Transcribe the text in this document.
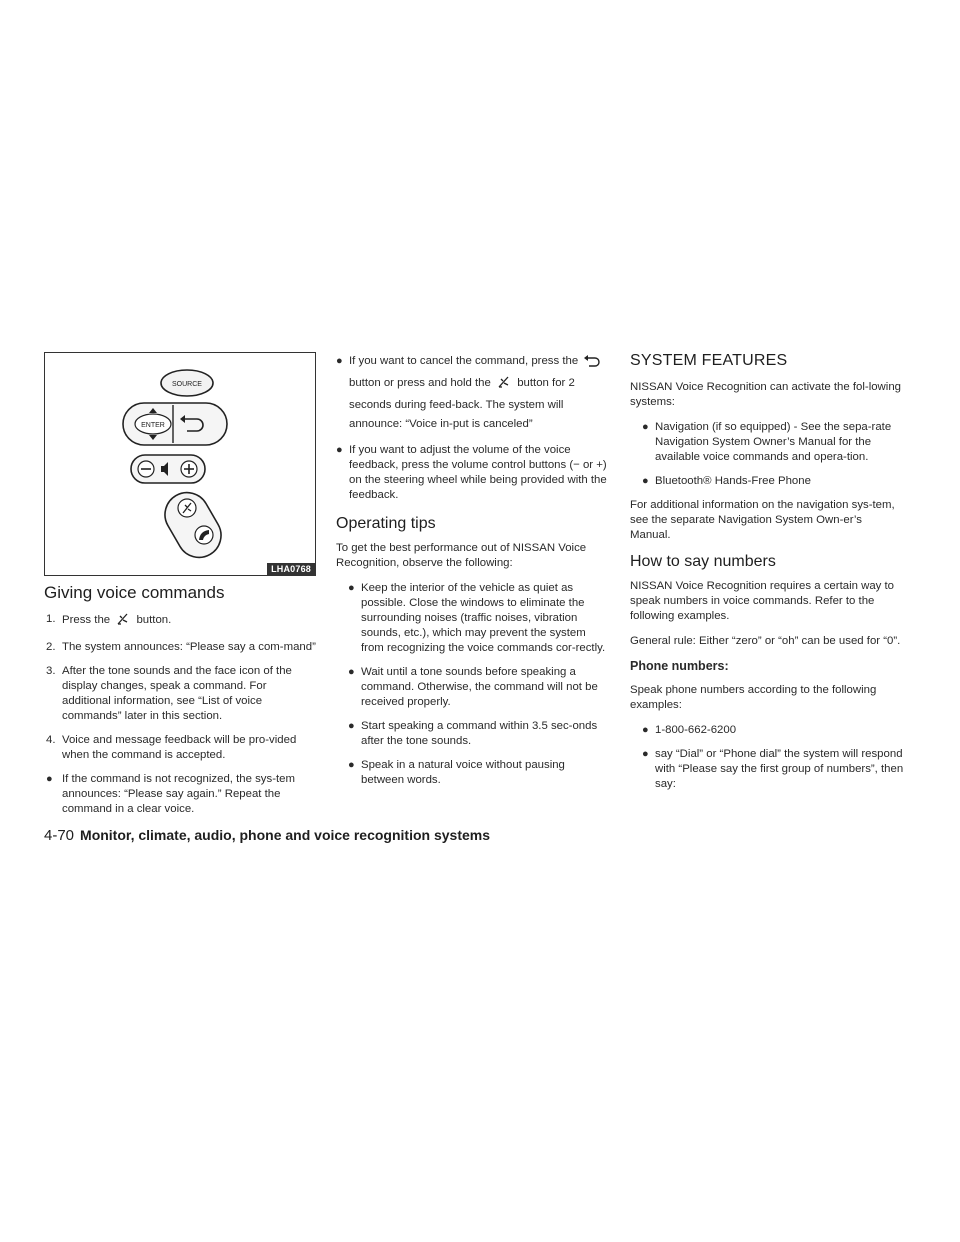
SOURCE
ENTER
LHA0768
Giving voice commands
1. Press the button.
2. The system announces: “Please say a com-mand”
3. After the tone sounds and the face icon of the display changes, speak a command. For additional information, see “List of voice commands” later in this section.
4. Voice and message feedback will be pro-vided when the command is accepted.
● If the command is not recognized, the sys-tem announces: “Please say again.” Repeat the command in a clear voice.
● If you want to cancel the command, press the  button or press and hold the button for 2 seconds during feed-back. The system will announce: “Voice in-put is canceled”
● If you want to adjust the volume of the voice feedback, press the volume control buttons (− or +) on the steering wheel while being provided with the feedback.
Operating tips

To get the best performance out of NISSAN Voice Recognition, observe the following:

● Keep the interior of the vehicle as quiet as possible. Close the windows to eliminate the surrounding noises (traffic noises, vibration sounds, etc.), which may prevent the system from recognizing the voice commands cor-rectly.
● Wait until a tone sounds before speaking a command. Otherwise, the command will not be received properly.
● Start speaking a command within 3.5 sec-onds after the tone sounds.
● Speak in a natural voice without pausing between words.
SYSTEM FEATURES

NISSAN Voice Recognition can activate the fol-lowing systems:

● Navigation (if so equipped) - See the sepa-rate Navigation System Owner’s Manual for the available voice commands and opera-tion.
● Bluetooth® Hands-Free Phone

For additional information on the navigation sys-tem, see the separate Navigation System Own-er’s Manual.

How to say numbers

NISSAN Voice Recognition requires a certain way to speak numbers in voice commands. Refer to the following examples.

General rule: Either “zero” or “oh” can be used for “0”.

Phone numbers:

Speak phone numbers according to the following examples:

● 1-800-662-6200
● say “Dial” or “Phone dial” the system will respond with “Please say the first group of numbers”, then say:
4-70 Monitor, climate, audio, phone and voice recognition systems
